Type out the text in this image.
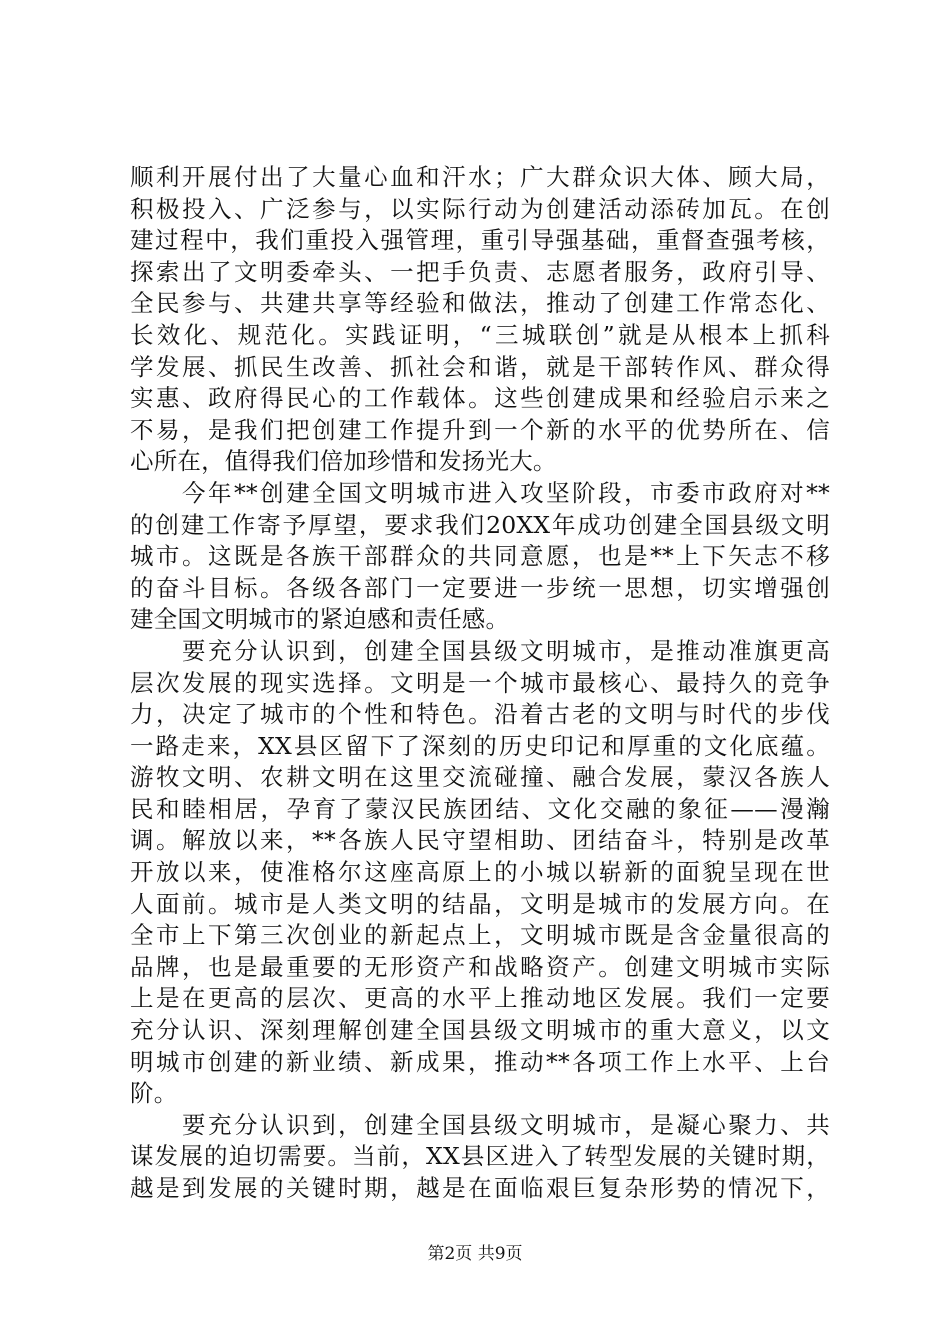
顺利开展付出了大量心血和汗水；广大群众识大体、顾大局，
积极投入、广泛参与，以实际行动为创建活动添砖加瓦。在创
建过程中，我们重投入强管理，重引导强基础，重督查强考核，
探索出了文明委牵头、一把手负责、志愿者服务，政府引导、
全民参与、共建共享等经验和做法，推动了创建工作常态化、
长效化、规范化。实践证明，“三城联创”就是从根本上抓科
学发展、抓民生改善、抓社会和谐，就是干部转作风、群众得
实惠、政府得民心的工作载体。这些创建成果和经验启示来之
不易，是我们把创建工作提升到一个新的水平的优势所在、信
心所在，值得我们倍加珍惜和发扬光大。
　　今年**创建全国文明城市进入攻坚阶段，市委市政府对**
的创建工作寄予厚望，要求我们20XX年成功创建全国县级文明
城市。这既是各族干部群众的共同意愿，也是**上下矢志不移
的奋斗目标。各级各部门一定要进一步统一思想，切实增强创
建全国文明城市的紧迫感和责任感。
　　要充分认识到，创建全国县级文明城市，是推动准旗更高
层次发展的现实选择。文明是一个城市最核心、最持久的竞争
力，决定了城市的个性和特色。沿着古老的文明与时代的步伐
一路走来，XX县区留下了深刻的历史印记和厚重的文化底蕴。
游牧文明、农耕文明在这里交流碰撞、融合发展，蒙汉各族人
民和睦相居，孕育了蒙汉民族团结、文化交融的象征——漫瀚
调。解放以来，**各族人民守望相助、团结奋斗，特别是改革
开放以来，使准格尔这座高原上的小城以崭新的面貌呈现在世
人面前。城市是人类文明的结晶，文明是城市的发展方向。在
全市上下第三次创业的新起点上，文明城市既是含金量很高的
品牌，也是最重要的无形资产和战略资产。创建文明城市实际
上是在更高的层次、更高的水平上推动地区发展。我们一定要
充分认识、深刻理解创建全国县级文明城市的重大意义，以文
明城市创建的新业绩、新成果，推动**各项工作上水平、上台
阶。
　　要充分认识到，创建全国县级文明城市，是凝心聚力、共
谋发展的迫切需要。当前，XX县区进入了转型发展的关键时期，
越是到发展的关键时期，越是在面临艰巨复杂形势的情况下，
第2页 共9页
